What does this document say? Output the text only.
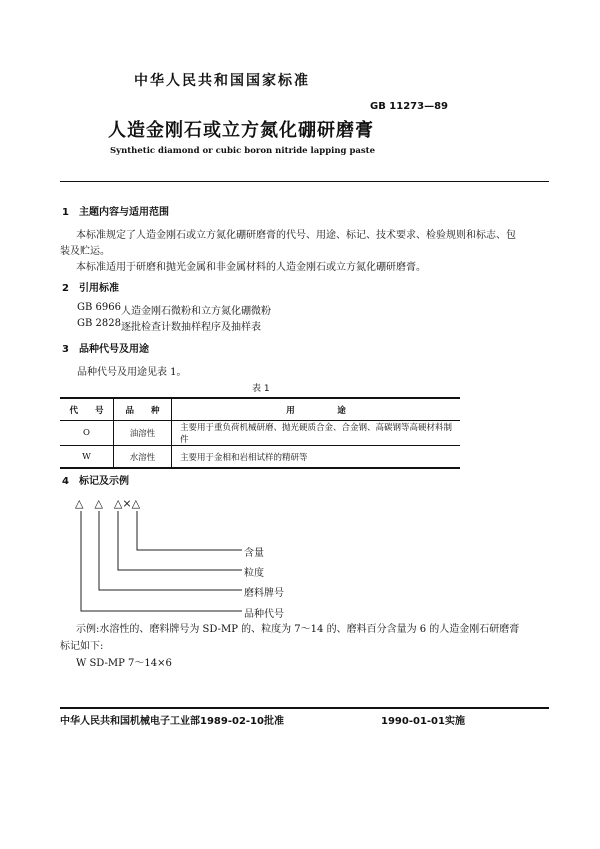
中华人民共和国国家标准
GB 11273—89
人造金刚石或立方氮化硼研磨膏
Synthetic diamond or cubic boron nitride lapping paste
1　主题内容与适用范围
本标准规定了人造金刚石或立方氮化硼研磨膏的代号、用途、标记、技术要求、检验规则和标志、包
装及贮运。
本标准适用于研磨和抛光金属和非金属材料的人造金刚石或立方氮化硼研磨膏。
2　引用标准
GB 6966 人造金刚石微粉和立方氮化硼微粉
GB 2828 逐批检查计数抽样程序及抽样表
3　品种代号及用途
品种代号及用途见表 1。
表 1
代　　号	品　　种	用　　　　　途
O	油溶性	主要用于重负荷机械研磨、抛光硬质合金、合金钢、高碳钢等高硬材料制件
W	水溶性	主要用于金相和岩相试样的精研等
4　标记及示例
△　△　△×△
含量
粒度
磨料牌号
品种代号
示例:水溶性的、磨料牌号为 SD-MP 的、粒度为 7～14 的、磨料百分含量为 6 的人造金刚石研磨膏
标记如下:
W SD-MP 7～14×6
中华人民共和国机械电子工业部1989-02-10批准	1990-01-01实施
